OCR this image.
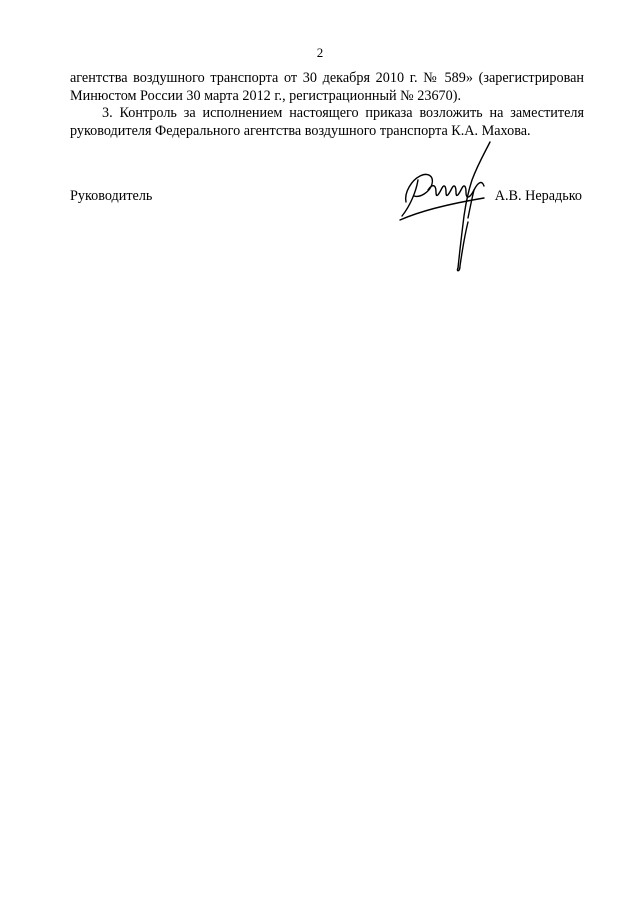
2

агентства воздушного транспорта от 30 декабря 2010 г. № 589» (зарегистрирован Минюстом России 30 марта 2012 г., регистрационный № 23670).

3. Контроль за исполнением настоящего приказа возложить на заместителя руководителя Федерального агентства воздушного транспорта К.А. Махова.

Руководитель	А.В. Нерадько
